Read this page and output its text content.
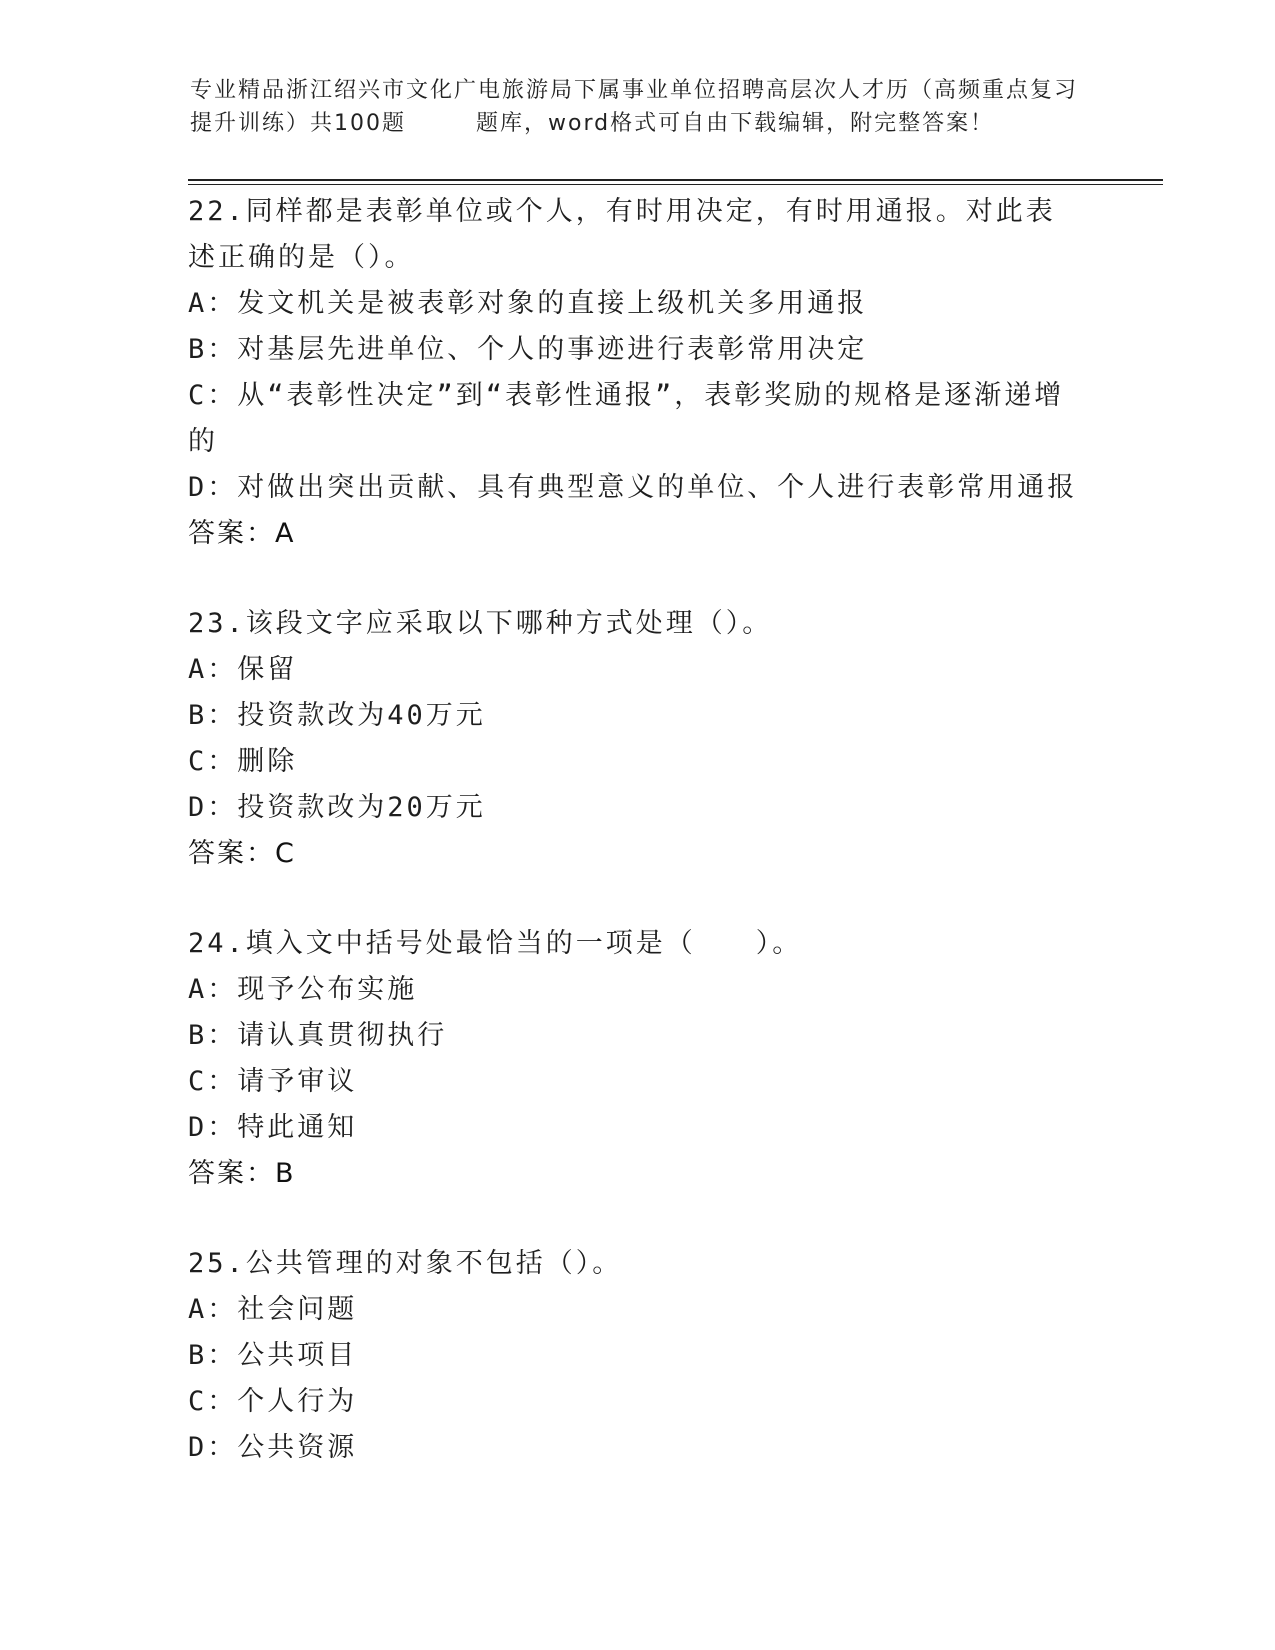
专业精品浙江绍兴市文化广电旅游局下属事业单位招聘高层次人才历（高频重点复习提升训练）共100题	题库，word格式可自由下载编辑，附完整答案！
22.同样都是表彰单位或个人，有时用决定，有时用通报。对此表述正确的是（）。
A：发文机关是被表彰对象的直接上级机关多用通报
B：对基层先进单位、个人的事迹进行表彰常用决定
C：从“表彰性决定”到“表彰性通报”，表彰奖励的规格是逐渐递增的
D：对做出突出贡献、具有典型意义的单位、个人进行表彰常用通报
答案：A
23.该段文字应采取以下哪种方式处理（）。
A：保留
B：投资款改为40万元
C：删除
D：投资款改为20万元
答案：C
24.填入文中括号处最恰当的一项是（　　）。
A：现予公布实施
B：请认真贯彻执行
C：请予审议
D：特此通知
答案：B
25.公共管理的对象不包括（）。
A：社会问题
B：公共项目
C：个人行为
D：公共资源
